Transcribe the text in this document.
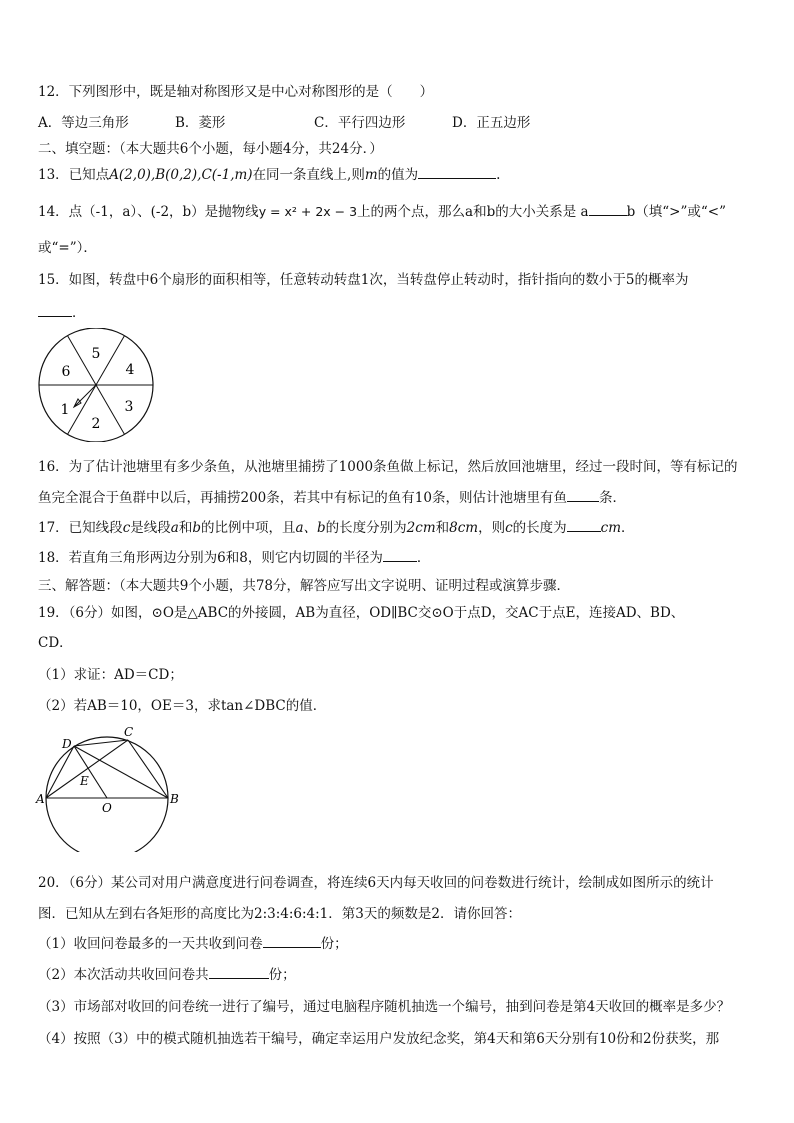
12．下列图形中，既是轴对称图形又是中心对称图形的是（　　）
A．等边三角形	B．菱形	C．平行四边形	D．正五边形
二、填空题：（本大题共6个小题，每小题4分，共24分．）
13．已知点A(2,0),B(0,2),C(-1,m)在同一条直线上,则m的值为	.
14．点（-1，a）、(-2，b）是抛物线y = x² + 2x − 3上的两个点，那么a和b的大小关系是 a	b（填“>”或“<”
或“=”）．
15．如图，转盘中6个扇形的面积相等，任意转动转盘1次，当转盘停止转动时，指针指向的数小于5的概率为
．
5
4
3
2
1
6
16．为了估计池塘里有多少条鱼，从池塘里捕捞了1000条鱼做上标记，然后放回池塘里，经过一段时间，等有标记的
鱼完全混合于鱼群中以后，再捕捞200条，若其中有标记的鱼有10条，则估计池塘里有鱼 条．
17．已知线段c是线段a和b的比例中项，且a、b的长度分别为2cm和8cm，则c的长度为	cm．
18．若直角三角形两边分别为6和8，则它内切圆的半径为	．
三、解答题：（本大题共9个小题，共78分，解答应写出文字说明、证明过程或演算步骤．
19．（6分）如图，⊙O是△ABC的外接圆，AB为直径，OD∥BC交⊙O于点D，交AC于点E，连接AD、BD、
CD．
（1）求证：AD＝CD；
（2）若AB＝10，OE＝3，求tan∠DBC的值．
D
C
E
A
O
B
20．（6分）某公司对用户满意度进行问卷调查，将连续6天内每天收回的问卷数进行统计，绘制成如图所示的统计
图．已知从左到右各矩形的高度比为2:3:4:6:4:1．第3天的频数是2．请你回答：
（1）收回问卷最多的一天共收到问卷	份；
（2）本次活动共收回问卷共	份；
（3）市场部对收回的问卷统一进行了编号，通过电脑程序随机抽选一个编号，抽到问卷是第4天收回的概率是多少？
（4）按照（3）中的模式随机抽选若干编号，确定幸运用户发放纪念奖，第4天和第6天分别有10份和2份获奖，那
